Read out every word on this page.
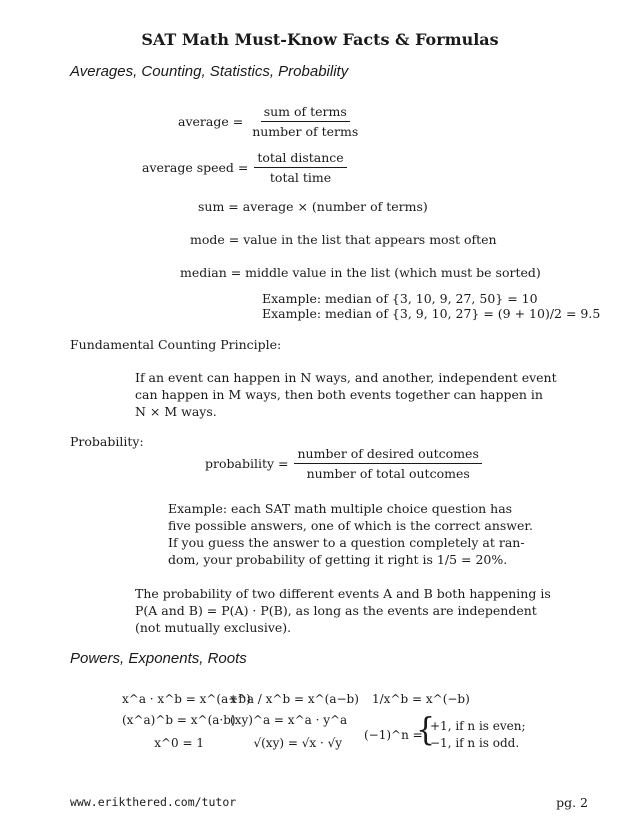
SAT Math Must-Know Facts & Formulas
Averages, Counting, Statistics, Probability
average = $\frac{\text{sum of terms}}{\text{number of terms}}$
average speed = $\frac{\text{total distance}}{\text{total time}}$
sum = average × (number of terms)
mode = value in the list that appears most often
median = middle value in the list (which must be sorted)
Example: median of {3, 10, 9, 27, 50} = 10
Example: median of {3, 9, 10, 27} = (9 + 10)/2 = 9.5
Fundamental Counting Principle:
If an event can happen in N ways, and another, independent event
can happen in M ways, then both events together can happen in
N × M ways.
Probability:
probability = $\frac{\text{number of desired outcomes}}{\text{number of total outcomes}}$
Example: each SAT math multiple choice question has
five possible answers, one of which is the correct answer.
If you guess the answer to a question completely at ran-
dom, your probability of getting it right is 1/5 = 20%.
The probability of two different events A and B both happening is
P(A and B) = P(A) · P(B), as long as the events are independent
(not mutually exclusive).
Powers, Exponents, Roots
x^a · x^b = x^(a+b)
(x^a)^b = x^(a·b)
x^0 = 1
x^a / x^b = x^(a−b)
(xy)^a = x^a · y^a
√(xy) = √x · √y
1/x^b = x^(−b)
(−1)^n =
{
+1, if n is even;
−1, if n is odd.
www.erikthered.com/tutor	pg. 2
